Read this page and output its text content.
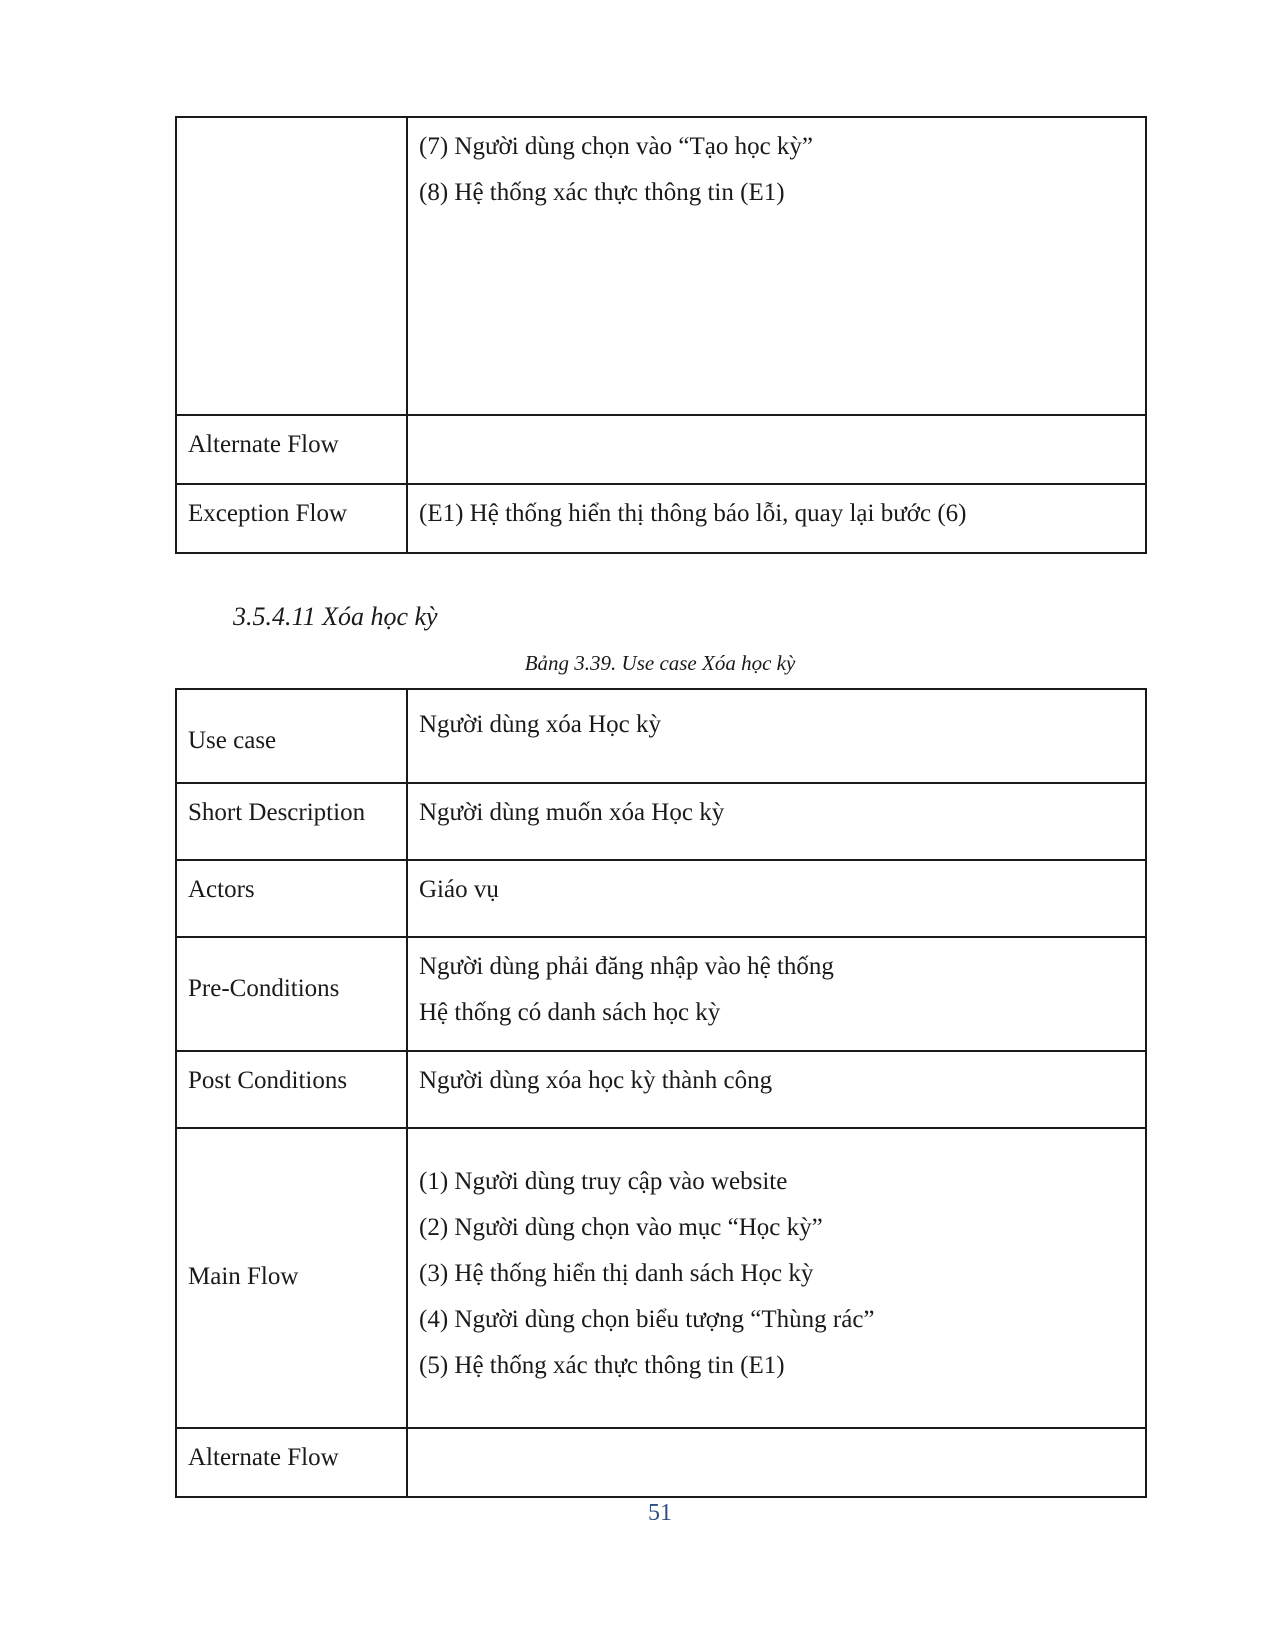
	(7) Người dùng chọn vào “Tạo học kỳ”
(8) Hệ thống xác thực thông tin (E1)

Alternate Flow	
Exception Flow	(E1) Hệ thống hiển thị thông báo lỗi, quay lại bước (6)
3.5.4.11 Xóa học kỳ
Bảng 3.39. Use case Xóa học kỳ
Use case	Người dùng xóa Học kỳ
Short Description	Người dùng muốn xóa Học kỳ
Actors	Giáo vụ
Pre-Conditions	Người dùng phải đăng nhập vào hệ thống
Hệ thống có danh sách học kỳ

Post Conditions	Người dùng xóa học kỳ thành công
Main Flow	(1) Người dùng truy cập vào website
(2) Người dùng chọn vào mục “Học kỳ”
(3) Hệ thống hiển thị danh sách Học kỳ
(4) Người dùng chọn biểu tượng “Thùng rác”
(5) Hệ thống xác thực thông tin (E1)

Alternate Flow	
51
